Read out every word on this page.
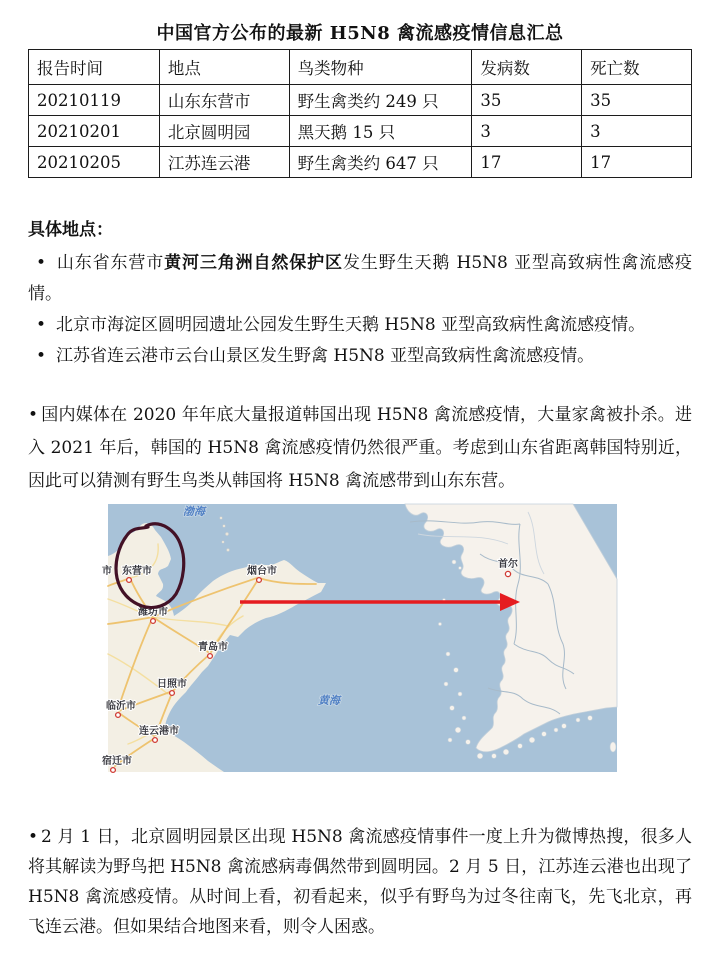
中国官方公布的最新 H5N8 禽流感疫情信息汇总
报告时间	地点	鸟类物种	发病数	死亡数
20210119	山东东营市	野生禽类约 249 只	35	35
20210201	北京圆明园	黑天鹅 15 只	3	3
20210205	江苏连云港	野生禽类约 647 只	17	17

具体地点：

• 山东省东营市黄河三角洲自然保护区发生野生天鹅 H5N8 亚型高致病性禽流感疫情。

• 北京市海淀区圆明园遗址公园发生野生天鹅 H5N8 亚型高致病性禽流感疫情。

• 江苏省连云港市云台山景区发生野禽 H5N8 亚型高致病性禽流感疫情。

• 国内媒体在 2020 年年底大量报道韩国出现 H5N8 禽流感疫情，大量家禽被扑杀。进入 2021 年后，韩国的 H5N8 禽流感疫情仍然很严重。考虑到山东省距离韩国特别近，因此可以猜测有野生鸟类从韩国将 H5N8 禽流感带到山东东营。

渤海
黄海
市 东营市	烟台市
潍坊市
青岛市
日照市
临沂市
连云港市
宿迁市
首尔

• 2 月 1 日，北京圆明园景区出现 H5N8 禽流感疫情事件一度上升为微博热搜，很多人将其解读为野鸟把 H5N8 禽流感病毒偶然带到圆明园。2 月 5 日，江苏连云港也出现了 H5N8 禽流感疫情。从时间上看，初看起来，似乎有野鸟为过冬往南飞，先飞北京，再飞连云港。但如果结合地图来看，则令人困惑。
